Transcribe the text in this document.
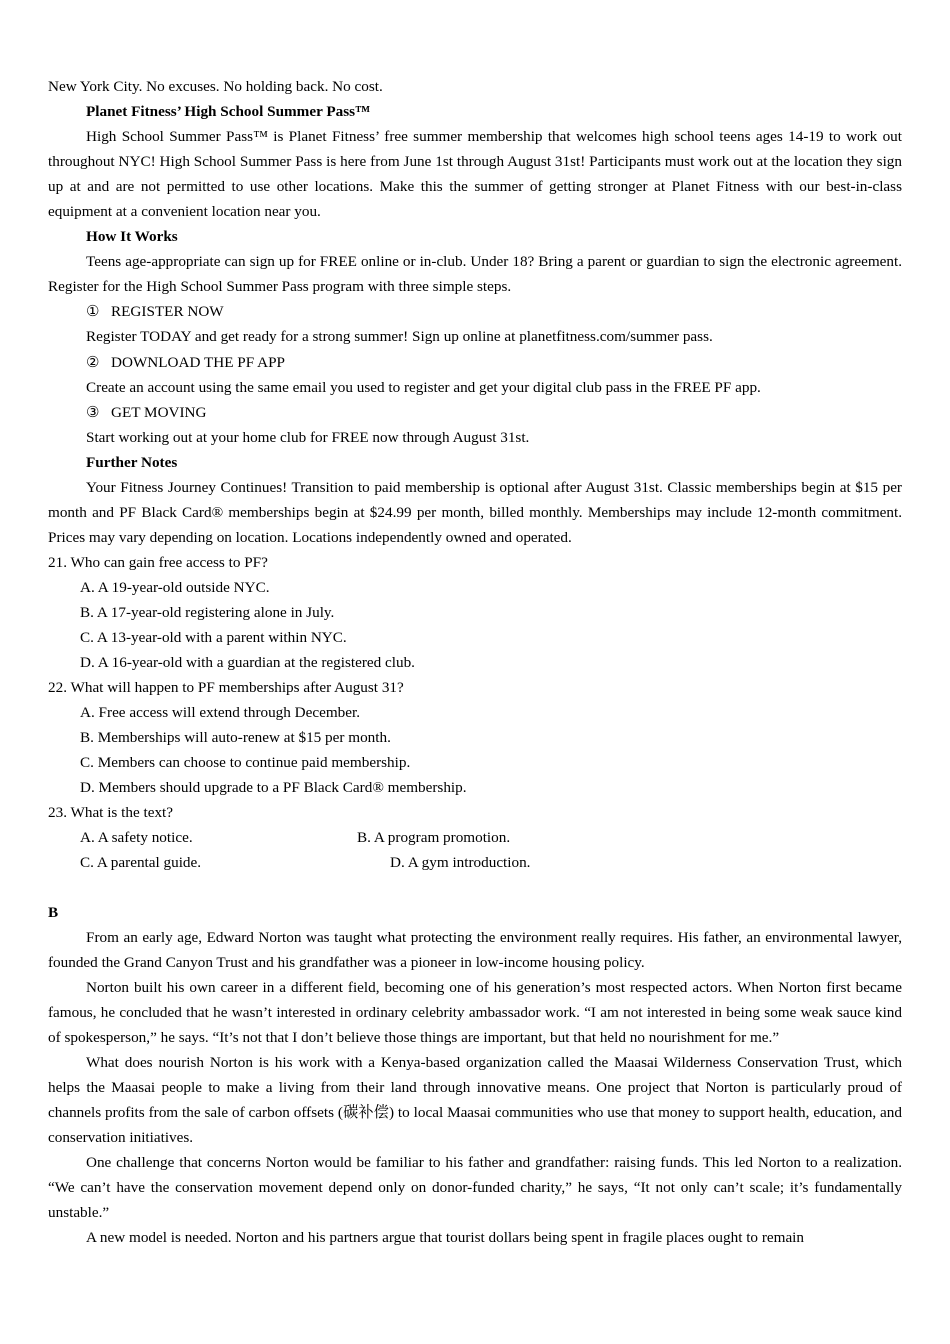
New York City. No excuses. No holding back. No cost.

Planet Fitness’ High School Summer Pass™

High School Summer Pass™ is Planet Fitness’ free summer membership that welcomes high school teens ages 14-19 to work out throughout NYC! High School Summer Pass is here from June 1st through August 31st! Participants must work out at the location they sign up at and are not permitted to use other locations. Make this the summer of getting stronger at Planet Fitness with our best-in-class equipment at a convenient location near you.

How It Works

Teens age-appropriate can sign up for FREE online or in-club. Under 18? Bring a parent or guardian to sign the electronic agreement. Register for the High School Summer Pass program with three simple steps.

① REGISTER NOW

Register TODAY and get ready for a strong summer! Sign up online at planetfitness.com/summer pass.

② DOWNLOAD THE PF APP

Create an account using the same email you used to register and get your digital club pass in the FREE PF app.

③ GET MOVING

Start working out at your home club for FREE now through August 31st.

Further Notes

Your Fitness Journey Continues! Transition to paid membership is optional after August 31st. Classic memberships begin at $15 per month and PF Black Card® memberships begin at $24.99 per month, billed monthly. Memberships may include 12-month commitment. Prices may vary depending on location. Locations independently owned and operated.

21. Who can gain free access to PF?

A. A 19-year-old outside NYC.

B. A 17-year-old registering alone in July.

C. A 13-year-old with a parent within NYC.

D. A 16-year-old with a guardian at the registered club.

22. What will happen to PF memberships after August 31?

A. Free access will extend through December.

B. Memberships will auto-renew at $15 per month.

C. Members can choose to continue paid membership.

D. Members should upgrade to a PF Black Card® membership.

23. What is the text?

A. A safety notice.	B. A program promotion.
C. A parental guide.	D. A gym introduction.

B

From an early age, Edward Norton was taught what protecting the environment really requires. His father, an environmental lawyer, founded the Grand Canyon Trust and his grandfather was a pioneer in low-income housing policy.

Norton built his own career in a different field, becoming one of his generation’s most respected actors. When Norton first became famous, he concluded that he wasn’t interested in ordinary celebrity ambassador work. “I am not interested in being some weak sauce kind of spokesperson,” he says. “It’s not that I don’t believe those things are important, but that held no nourishment for me.”

What does nourish Norton is his work with a Kenya-based organization called the Maasai Wilderness Conservation Trust, which helps the Maasai people to make a living from their land through innovative means. One project that Norton is particularly proud of channels profits from the sale of carbon offsets (碳补偿) to local Maasai communities who use that money to support health, education, and conservation initiatives.

One challenge that concerns Norton would be familiar to his father and grandfather: raising funds. This led Norton to a realization. “We can’t have the conservation movement depend only on donor-funded charity,” he says, “It not only can’t scale; it’s fundamentally unstable.”

A new model is needed. Norton and his partners argue that tourist dollars being spent in fragile places ought to remain
